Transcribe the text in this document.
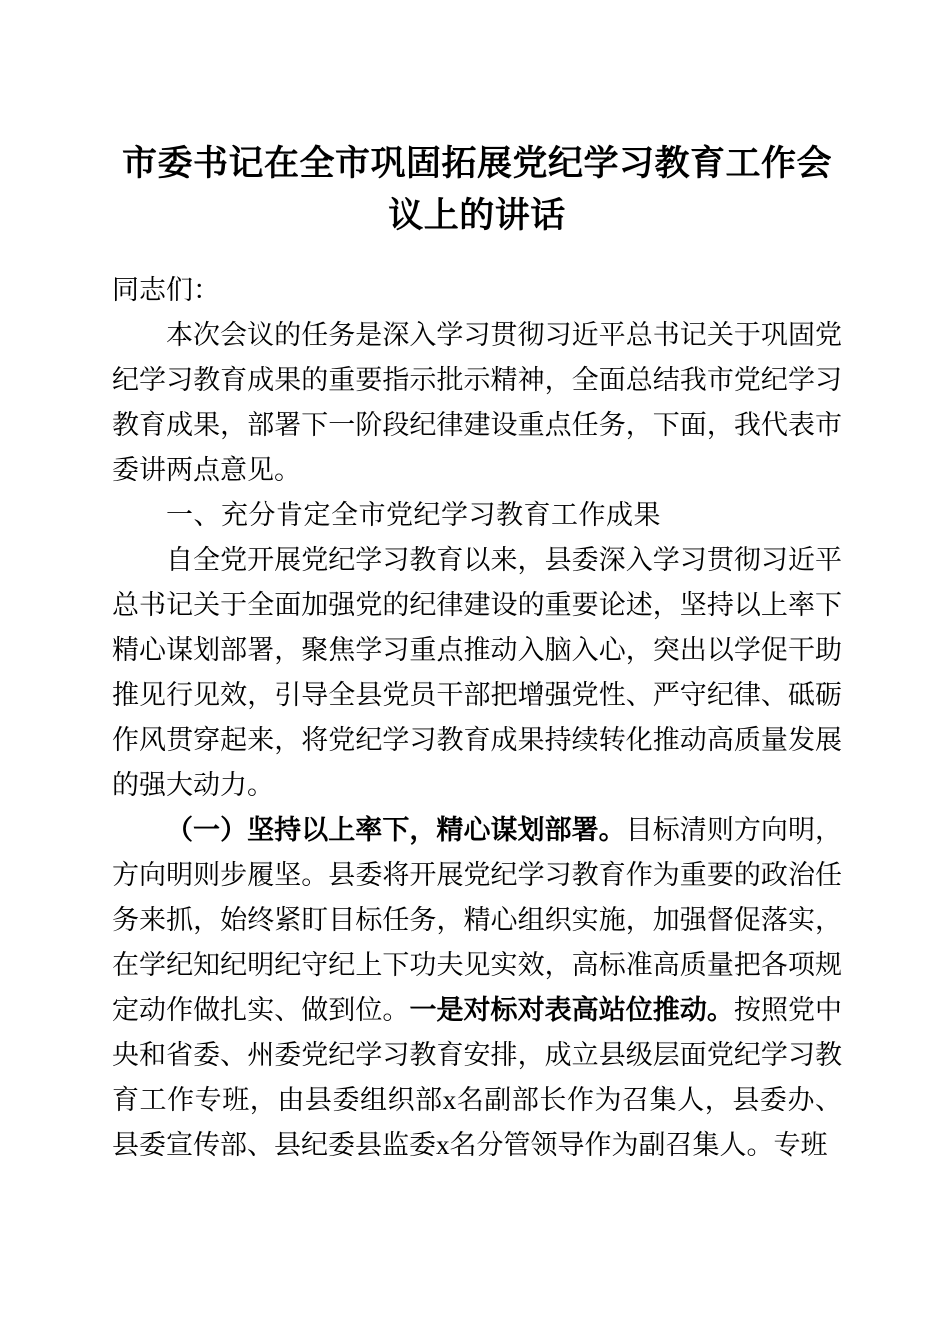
市委书记在全市巩固拓展党纪学习教育工作会议上的讲话

同志们：

本次会议的任务是深入学习贯彻习近平总书记关于巩固党纪学习教育成果的重要指示批示精神，全面总结我市党纪学习教育成果，部署下一阶段纪律建设重点任务，下面，我代表市委讲两点意见。

一、充分肯定全市党纪学习教育工作成果

自全党开展党纪学习教育以来，县委深入学习贯彻习近平总书记关于全面加强党的纪律建设的重要论述，坚持以上率下精心谋划部署，聚焦学习重点推动入脑入心，突出以学促干助推见行见效，引导全县党员干部把增强党性、严守纪律、砥砺作风贯穿起来，将党纪学习教育成果持续转化推动高质量发展的强大动力。

（一）坚持以上率下，精心谋划部署。目标清则方向明，方向明则步履坚。县委将开展党纪学习教育作为重要的政治任务来抓，始终紧盯目标任务，精心组织实施，加强督促落实，在学纪知纪明纪守纪上下功夫见实效，高标准高质量把各项规定动作做扎实、做到位。一是对标对表高站位推动。按照党中央和省委、州委党纪学习教育安排，成立县级层面党纪学习教育工作专班，由县委组织部x名副部长作为召集人，县委办、县委宣传部、县纪委县监委x名分管领导作为副召集人。专班
